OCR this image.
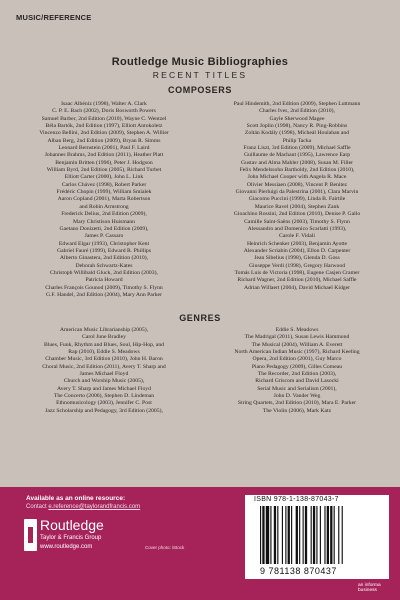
MUSIC/REFERENCE
Routledge Music Bibliographies
RECENT TITLES
COMPOSERS
Isaac Albéniz (1998), Walter A. Clark
C. P. E. Bach (2002), Doris Bosworth Powers
Samuel Barber, 2nd Edition (2010), Wayne C. Wentzel
Béla Bartók, 2nd Edition (1997), Elliott Antokoletz
Vincenzo Bellini, 2nd Edition (2009), Stephen A. Willier
Alban Berg, 2nd Edition (2009), Bryan R. Simms
Leonard Bernstein (2001), Paul F. Laird
Johannes Brahms, 2nd Edition (2011), Heather Platt
Benjamin Britten (1996), Peter J. Hodgson
William Byrd, 2nd Edition (2005), Richard Turbet
Elliott Carter (2000), John L. Link
Carlos Chávez (1998), Robert Parker
Frédéric Chopin (1999), William Smialek
Aaron Copland (2001), Marta Robertson
and Robin Armstrong
Frederick Delius, 2nd Edition (2009),
Mary Christison Huismann
Gaetano Donizetti, 2nd Edition (2009),
James P. Cassaro
Edward Elgar (1993), Christopher Kent
Gabriel Fauré (1999), Edward R. Phillips
Alberto Ginastera, 2nd Edition (2010),
Deborah Schwartz-Kates
Christoph Willibald Gluck, 2nd Edition (2003),
Patricia Howard
Charles François Gounod (2009), Timothy S. Flynn
G.F. Handel, 2nd Edition (2004), Mary Ann Parker
Paul Hindemith, 2nd Edition (2009), Stephen Luttmann
Charles Ives, 2nd Edition (2010),
Gayle Sherwood Magee
Scott Joplin (1998), Nancy R. Ping-Robbins
Zoltán Kodály (1998), Mícheál Houlahan and
Philip Tacka
Franz Liszt, 3rd Edition (2009), Michael Saffle
Guillaume de Machaut (1995), Lawrence Earp
Gustav and Alma Mahler (2008), Susan M. Filler
Felix Mendelssohn Bartholdy, 2nd Edition (2010),
John Michael Cooper with Angela R. Mace
Olivier Messiaen (2008), Vincent P. Benitez
Giovanni Pierluigi da Palestrina (2001), Clara Marvin
Giacomo Puccini (1999), Linda B. Fairtile
Maurice Ravel (2004), Stephen Zank
Gioachino Rossini, 2nd Edition (2010), Denise P. Gallo
Camille Saint-Saëns (2003), Timothy S. Flynn
Alessandro and Domenico Scarlatti (1993),
Carole F. Vidali
Heinrich Schenker (2003), Benjamin Ayotte
Alexander Scriabin (2004), Ellon D. Carpenter
Jean Sibelius (1998), Glenda D. Goss
Giuseppe Verdi (1998), Gregory Harwood
Tomás Luis de Victoria (1998), Eugene Casjen Cramer
Richard Wagner, 2nd Edition (2010), Michael Saffle
Adrian Willaert (2004), David Michael Kidger
GENRES
American Music Librarianship (2005),
Carol June Bradley
Blues, Funk, Rhythm and Blues, Soul, Hip-Hop, and
Rap (2010), Eddie S. Meadows
Chamber Music, 3rd Edition (2010), John H. Baron
Choral Music, 2nd Edition (2011), Avery T. Sharp and
James Michael Floyd
Church and Worship Music (2005),
Avery T. Sharp and James Michael Floyd
The Concerto (2006), Stephen D. Lindeman
Ethnomusicology (2003), Jennifer C. Post
Jazz Scholarship and Pedagogy, 3rd Edition (2005),
Eddie S. Meadows
The Madrigal (2011), Susan Lewis Hammond
The Musical (2004), William A. Everett
North American Indian Music (1997), Richard Keeling
Opera, 2nd Edition (2001), Guy Marco
Piano Pedagogy (2009), Gilles Comeau
The Recorder, 2nd Edition (2003),
Richard Griscom and David Lasocki
Serial Music and Serialism (2001),
John D. Vander Weg
String Quartets, 2nd Edition (2010), Mara E. Parker
The Violin (2006), Mark Katz
Available as an online resource:
Contact e.reference@taylorandfrancis.com
Routledge
Taylor & Francis Group
www.routledge.com	Cover photo: iStock
ISBN 978-1-138-87043-7
9 781138 870437
an informa business
